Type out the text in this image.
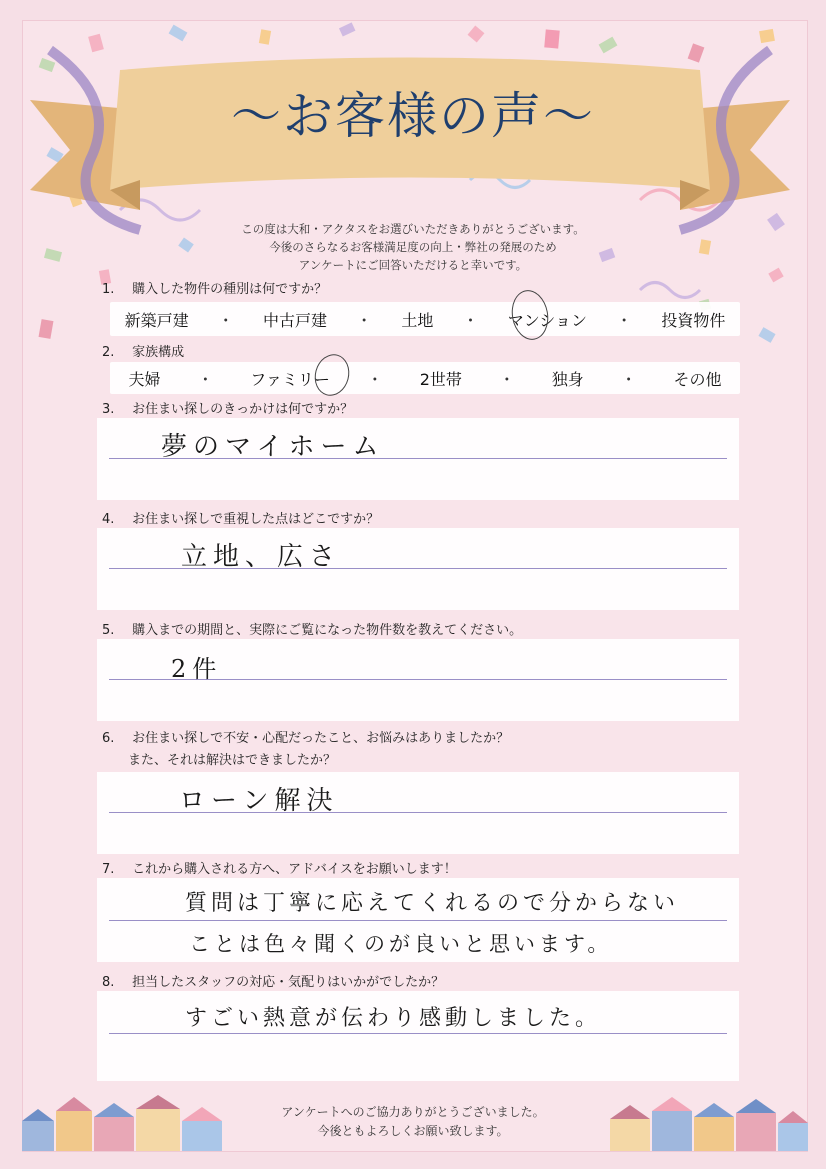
〜お客様の声〜
この度は大和・アクタスをお選びいただきありがとうございます。
今後のさらなるお客様満足度の向上・弊社の発展のため
アンケートにご回答いただけると幸いです。
1. 購入した物件の種別は何ですか？
新築戸建 ・ 中古戸建 ・ 土地 ・ マンション ・ 投資物件
2. 家族構成
夫婦 ・ ファミリー ・ 2世帯 ・ 独身 ・ その他
3. お住まい探しのきっかけは何ですか？
夢のマイホーム
4. お住まい探しで重視した点はどこですか？
立地、広さ
5. 購入までの期間と、実際にご覧になった物件数を教えてください。
2件
6. お住まい探しで不安・心配だったこと、お悩みはありましたか？
また、それは解決はできましたか？
ローン解決
7. これから購入される方へ、アドバイスをお願いします！
質問は丁寧に応えてくれるので分からない
ことは色々聞くのが良いと思います。
8. 担当したスタッフの対応・気配りはいかがでしたか？
すごい熱意が伝わり感動しました。
アンケートへのご協力ありがとうございました。
今後ともよろしくお願い致します。
